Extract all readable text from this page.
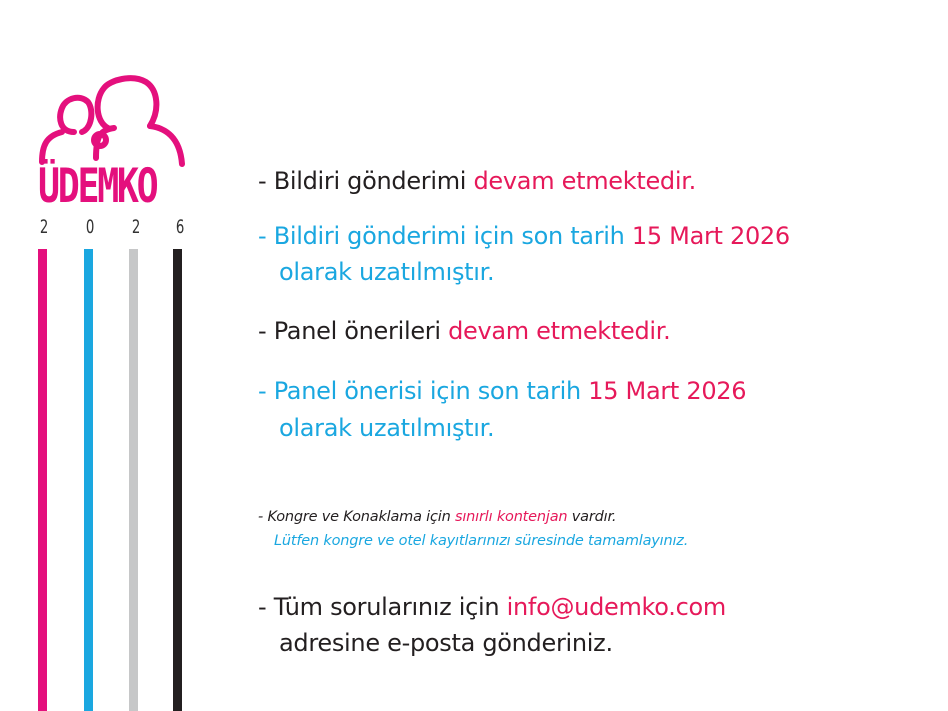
ÜDEMKO
2 0 2 6
- Bildiri gönderimi devam etmektedir.
- Bildiri gönderimi için son tarih 15 Mart 2026
olarak uzatılmıştır.
- Panel önerileri devam etmektedir.
- Panel önerisi için son tarih 15 Mart 2026
olarak uzatılmıştır.
- Kongre ve Konaklama için sınırlı kontenjan vardır.
Lütfen kongre ve otel kayıtlarınızı süresinde tamamlayınız.
- Tüm sorularınız için info@udemko.com
adresine e-posta gönderiniz.
